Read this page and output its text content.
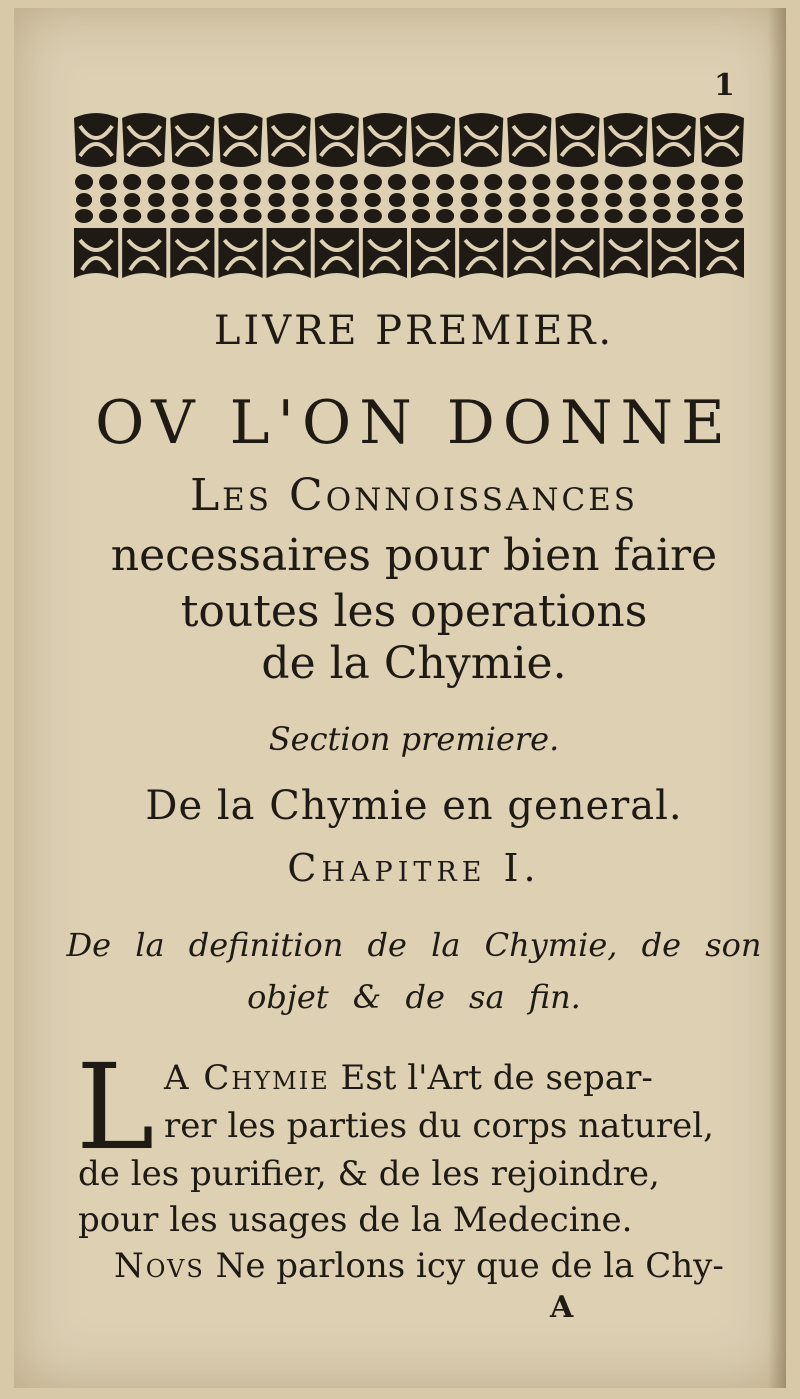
1
LIVRE PREMIER.
OV L'ON DONNE
Les Connoissances
necessaires pour bien faire
toutes les operations
de la Chymie.
Section premiere.
De la Chymie en general.
Chapitre I.
De la definition de la Chymie, de son
objet & de sa fin.
L A Chymie Est l'Art de separ-
rer les parties du corps naturel,
de les purifier, & de les rejoindre,
pour les usages de la Medecine.
Novs Ne parlons icy que de la Chy-
A
